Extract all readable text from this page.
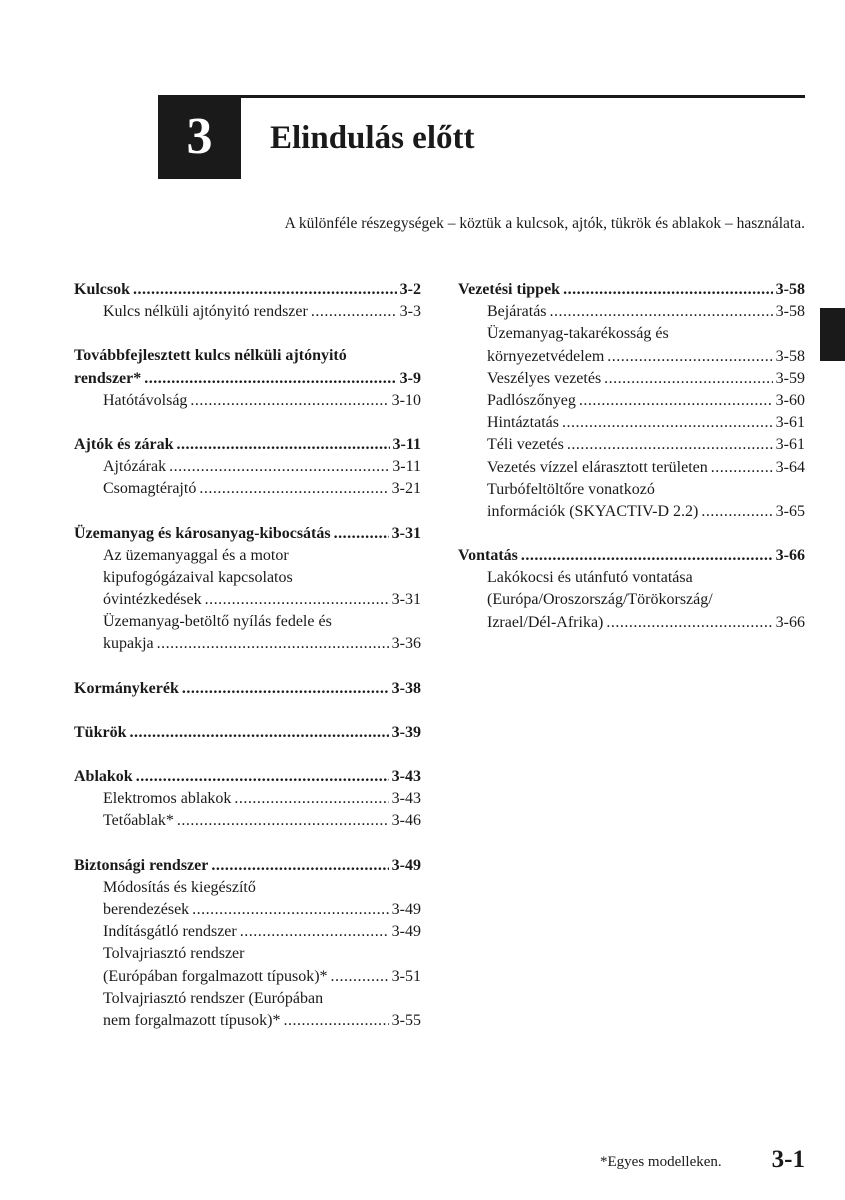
3 Elindulás előtt
A különféle részegységek – köztük a kulcsok, ajtók, tükrök és ablakok – használata.
Kulcsok .....	3-2
Kulcs nélküli ajtónyitó rendszer .....	3-3
Továbbfejlesztett kulcs nélküli ajtónyitó
rendszer* .....	3-9
Hatótávolság .....	3-10
Ajtók és zárak .....	3-11
Ajtózárak .....	3-11
Csomagtérajtó .....	3-21
Üzemanyag és károsanyag-kibocsátás .....	3-31
Az üzemanyaggal és a motor
kipufogógázaival kapcsolatos
óvintézkedések .....	3-31
Üzemanyag-betöltő nyílás fedele és
kupakja .....	3-36
Kormánykerék .....	3-38
Tükrök .....	3-39
Ablakok .....	3-43
Elektromos ablakok .....	3-43
Tetőablak* .....	3-46
Biztonsági rendszer .....	3-49
Módosítás és kiegészítő
berendezések .....	3-49
Indításgátló rendszer .....	3-49
Tolvajriasztó rendszer
(Európában forgalmazott típusok)* .....	3-51
Tolvajriasztó rendszer (Európában
nem forgalmazott típusok)* .....	3-55
Vezetési tippek .....	3-58
Bejáratás .....	3-58
Üzemanyag-takarékosság és
környezetvédelem .....	3-58
Veszélyes vezetés .....	3-59
Padlószőnyeg .....	3-60
Hintáztatás .....	3-61
Téli vezetés .....	3-61
Vezetés vízzel elárasztott területen .....	3-64
Turbófeltöltőre vonatkozó
információk (SKYACTIV-D 2.2) .....	3-65
Vontatás .....	3-66
Lakókocsi és utánfutó vontatása
(Európa/Oroszország/Törökország/
Izrael/Dél-Afrika) .....	3-66
*Egyes modelleken. 3-1
